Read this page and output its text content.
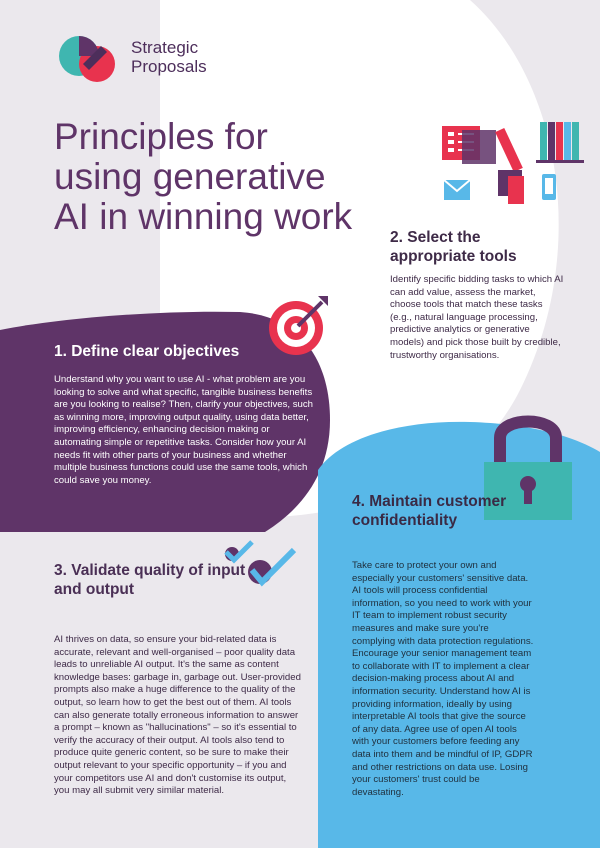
Strategic
Proposals
Principles for using generative AI in winning work
1. Define clear objectives

Understand why you want to use AI - what problem are you looking to solve and what specific, tangible business benefits are you looking to realise? Then, clarify your objectives, such as winning more, improving output quality, using data better, improving efficiency, enhancing decision making or automating simple or repetitive tasks. Consider how your AI needs fit with other parts of your business and whether multiple business functions could use the same tools, which could save you money.

2. Select the appropriate tools

Identify specific bidding tasks to which AI can add value, assess the market, choose tools that match these tasks (e.g., natural language processing, predictive analytics or generative models) and pick those built by credible, trustworthy organisations.

3. Validate quality of input and output

AI thrives on data, so ensure your bid-related data is accurate, relevant and well-organised – poor quality data leads to unreliable AI output. It's the same as content knowledge bases: garbage in, garbage out. User-provided prompts also make a huge difference to the quality of the output, so learn how to get the best out of them. AI tools can also generate totally erroneous information to answer a prompt – known as "hallucinations" – so it's essential to verify the accuracy of their output. AI tools also tend to produce quite generic content, so be sure to make their output relevant to your specific opportunity – if you and your competitors use AI and don't customise its output, you may all submit very similar material.

4. Maintain customer confidentiality

Take care to protect your own and especially your customers' sensitive data. AI tools will process confidential information, so you need to work with your IT team to implement robust security measures and make sure you're complying with data protection regulations. Encourage your senior management team to collaborate with IT to implement a clear decision-making process about AI and information security. Understand how AI is providing information, ideally by using interpretable AI tools that give the source of any data. Agree use of open AI tools with your customers before feeding any data into them and be mindful of IP, GDPR and other restrictions on data use. Losing your customers' trust could be devastating.
